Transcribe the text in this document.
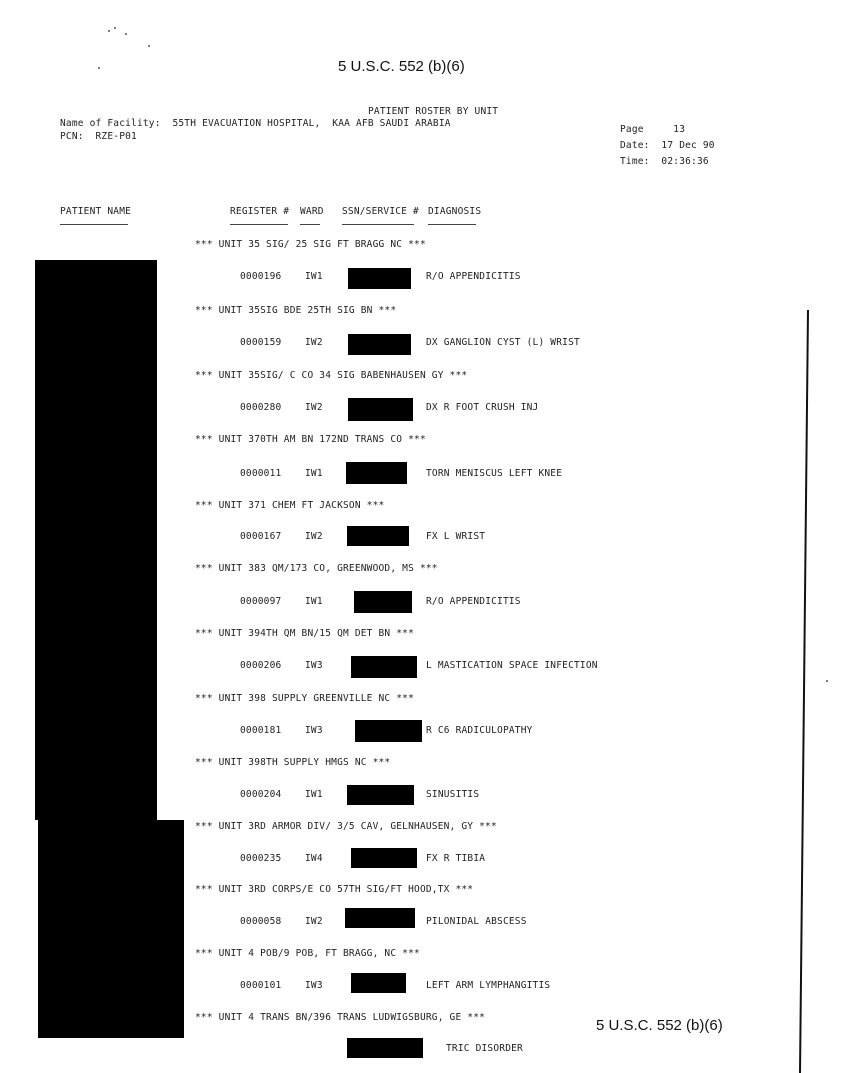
5 U.S.C. 552 (b)(6)
5 U.S.C. 552 (b)(6)
PATIENT ROSTER BY UNIT
Name of Facility:  55TH EVACUATION HOSPITAL,  KAA AFB SAUDI ARABIA
PCN:  RZE-P01
Page     13
Date:  17 Dec 90
Time:  02:36:36
PATIENT NAME	REGISTER # WARD SSN/SERVICE # DIAGNOSIS
*** UNIT 35 SIG/ 25 SIG FT BRAGG NC ***
0000196 IW1	R/O APPENDICITIS
*** UNIT 35SIG BDE 25TH SIG BN ***
0000159 IW2	DX GANGLION CYST (L) WRIST
*** UNIT 35SIG/ C CO 34 SIG BABENHAUSEN GY ***
0000280 IW2	DX R FOOT CRUSH INJ
*** UNIT 370TH AM BN 172ND TRANS CO ***
0000011 IW1	TORN MENISCUS LEFT KNEE
*** UNIT 371 CHEM FT JACKSON ***
0000167 IW2	FX L WRIST
*** UNIT 383 QM/173 CO, GREENWOOD, MS ***
0000097 IW1	R/O APPENDICITIS
*** UNIT 394TH QM BN/15 QM DET BN ***
0000206 IW3	L MASTICATION SPACE INFECTION
*** UNIT 398 SUPPLY GREENVILLE NC ***
0000181 IW3	R C6 RADICULOPATHY
*** UNIT 398TH SUPPLY HMGS NC ***
0000204 IW1	SINUSITIS
*** UNIT 3RD ARMOR DIV/ 3/5 CAV, GELNHAUSEN, GY ***
0000235 IW4	FX R TIBIA
*** UNIT 3RD CORPS/E CO 57TH SIG/FT HOOD,TX ***
0000058 IW2	PILONIDAL ABSCESS
*** UNIT 4 POB/9 POB, FT BRAGG, NC ***
0000101 IW3	LEFT ARM LYMPHANGITIS
*** UNIT 4 TRANS BN/396 TRANS LUDWIGSBURG, GE ***
TRIC DISORDER
